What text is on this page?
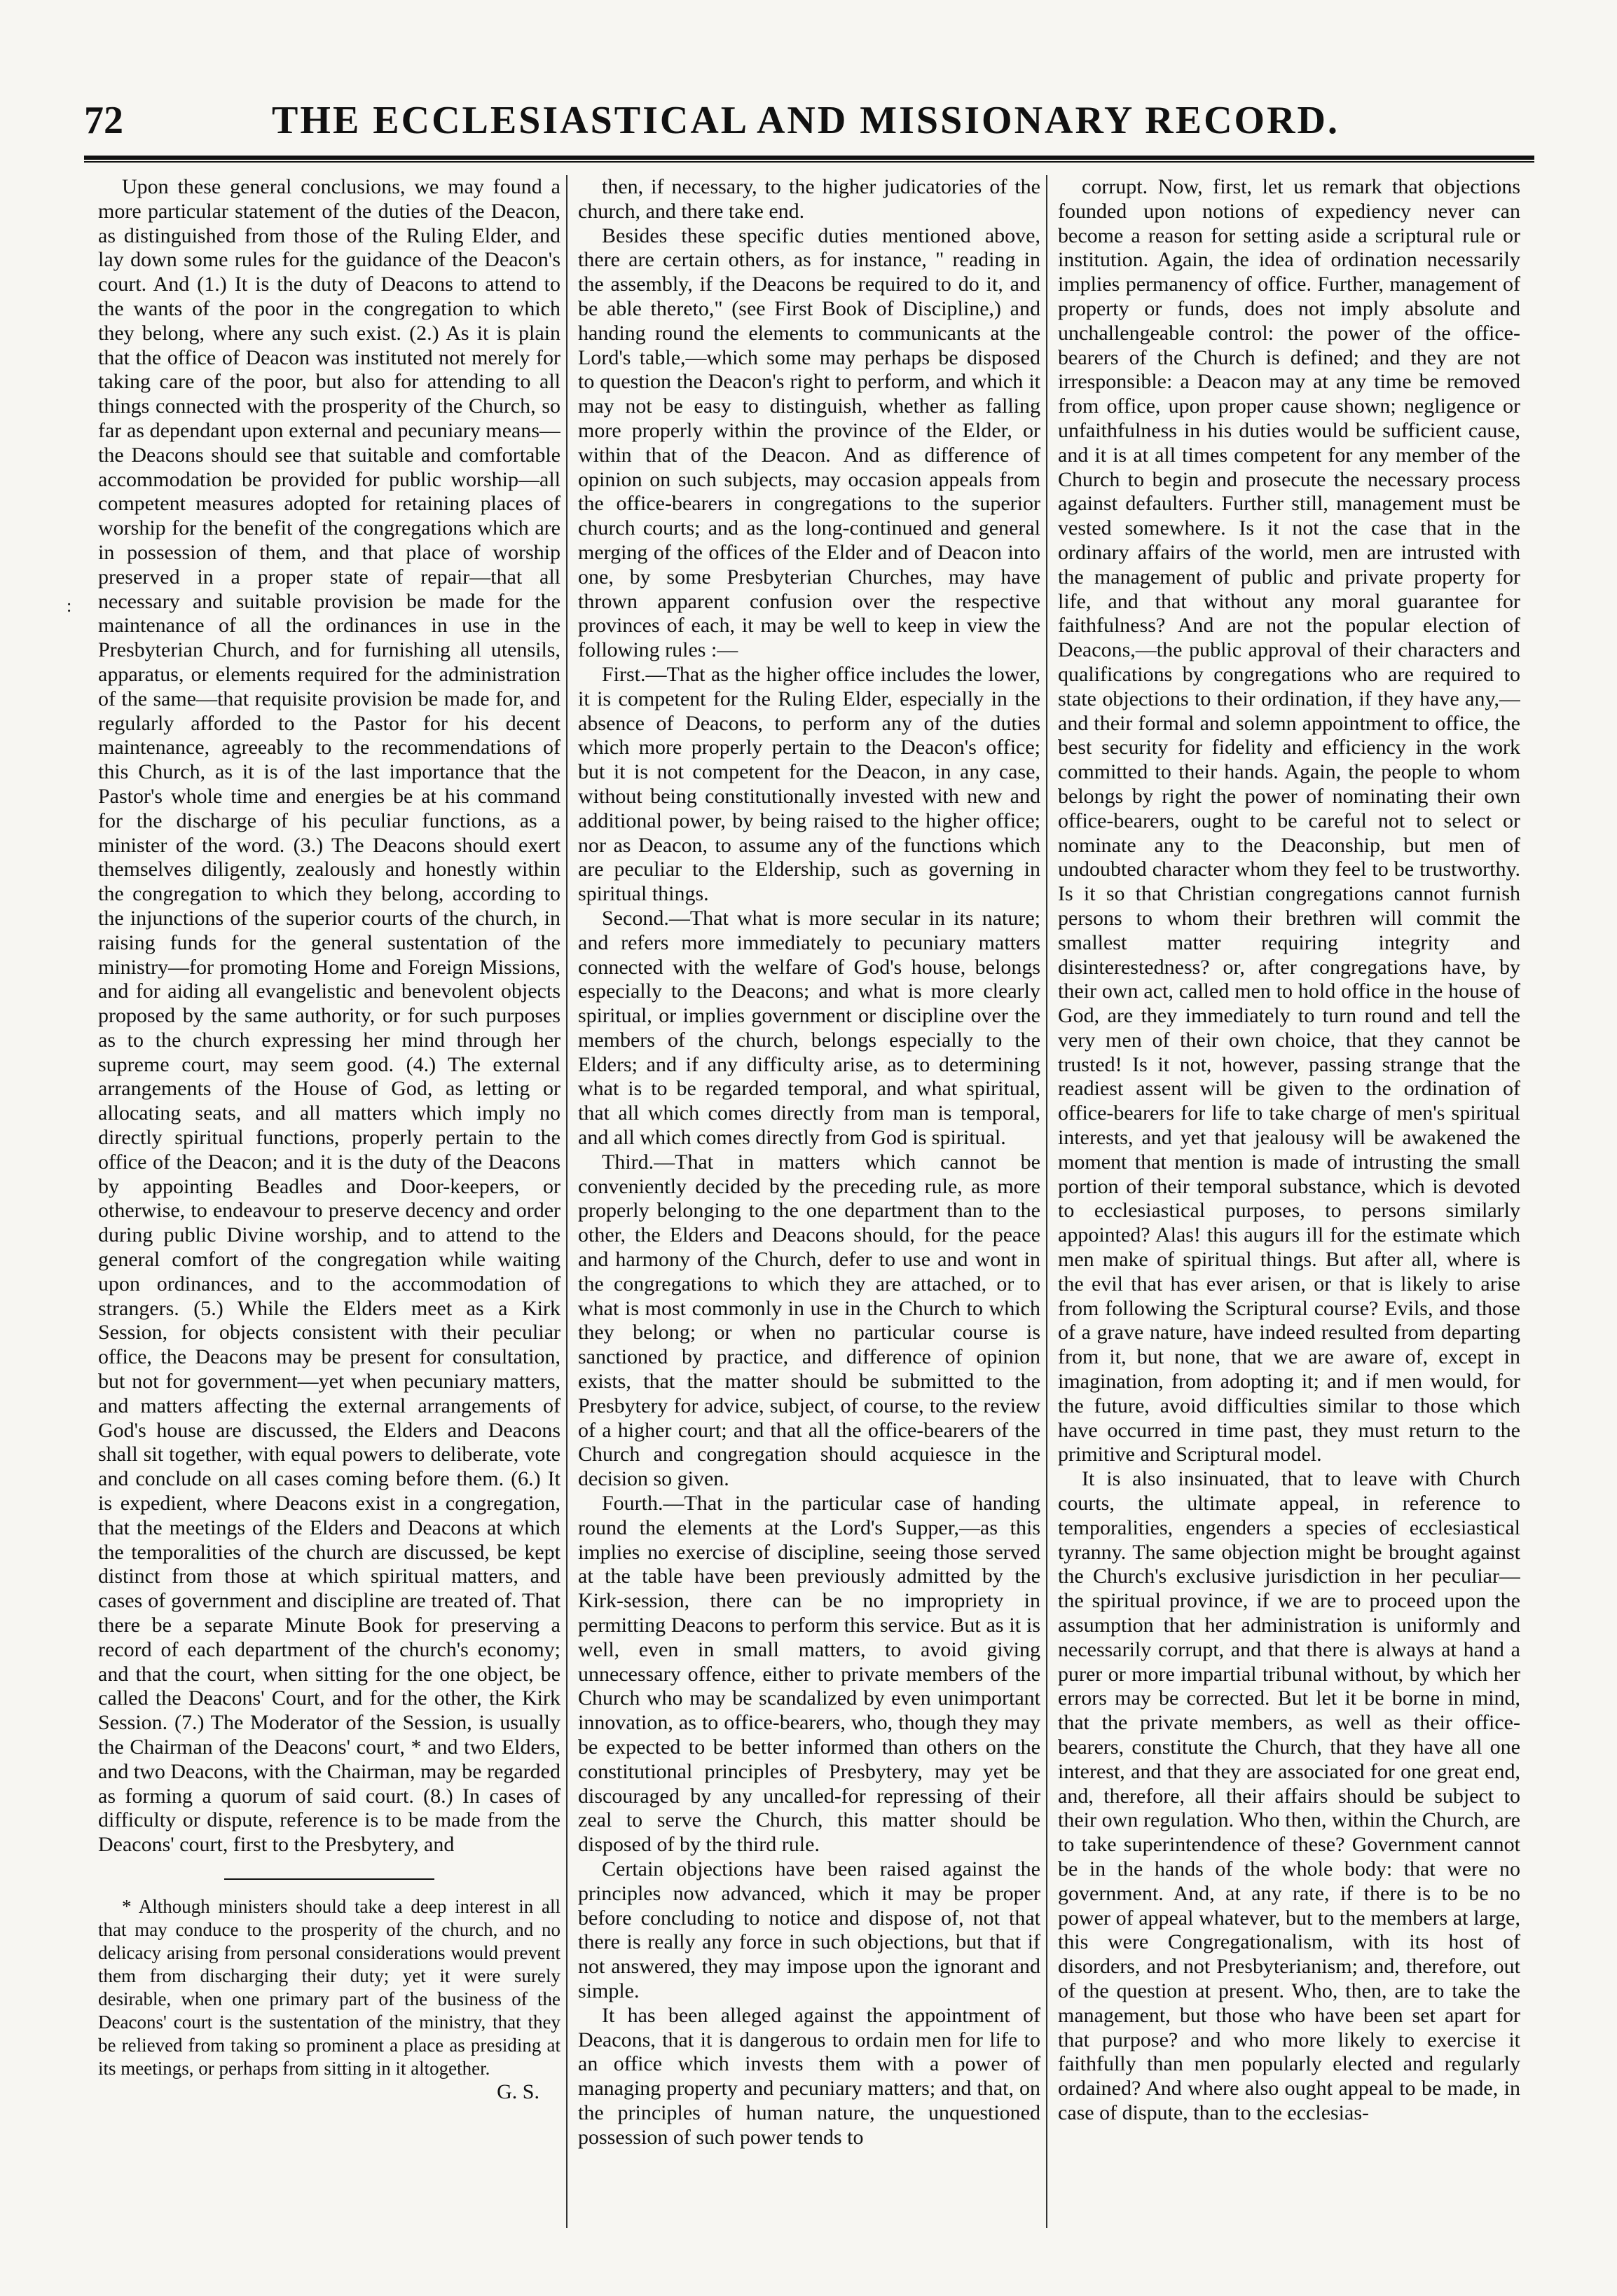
72	THE ECCLESIASTICAL AND MISSIONARY RECORD.
:

Upon these general conclusions, we may found a more particular statement of the duties of the Deacon, as distinguished from those of the Ruling Elder, and lay down some rules for the guidance of the Deacon's court. And (1.) It is the duty of Deacons to attend to the wants of the poor in the congregation to which they belong, where any such exist. (2.) As it is plain that the office of Deacon was instituted not merely for taking care of the poor, but also for attending to all things connected with the prosperity of the Church, so far as dependant upon external and pecuniary means—the Deacons should see that suitable and comfortable accommodation be provided for public worship—all competent measures adopted for retaining places of worship for the benefit of the congregations which are in possession of them, and that place of worship preserved in a proper state of repair—that all necessary and suitable provision be made for the maintenance of all the ordinances in use in the Presbyterian Church, and for furnishing all utensils, apparatus, or elements required for the administration of the same—that requisite provision be made for, and regularly afforded to the Pastor for his decent maintenance, agreeably to the recommendations of this Church, as it is of the last importance that the Pastor's whole time and energies be at his command for the discharge of his peculiar functions, as a minister of the word. (3.) The Deacons should exert themselves diligently, zealously and honestly within the congregation to which they belong, according to the injunctions of the superior courts of the church, in raising funds for the general sustentation of the ministry—for promoting Home and Foreign Missions, and for aiding all evangelistic and benevolent objects proposed by the same authority, or for such purposes as to the church expressing her mind through her supreme court, may seem good. (4.) The external arrangements of the House of God, as letting or allocating seats, and all matters which imply no directly spiritual functions, properly pertain to the office of the Deacon; and it is the duty of the Deacons by appointing Beadles and Door-keepers, or otherwise, to endeavour to preserve decency and order during public Divine worship, and to attend to the general comfort of the congregation while waiting upon ordinances, and to the accommodation of strangers. (5.) While the Elders meet as a Kirk Session, for objects consistent with their peculiar office, the Deacons may be present for consultation, but not for government—yet when pecuniary matters, and matters affecting the external arrangements of God's house are discussed, the Elders and Deacons shall sit together, with equal powers to deliberate, vote and conclude on all cases coming before them. (6.) It is expedient, where Deacons exist in a congregation, that the meetings of the Elders and Deacons at which the temporalities of the church are discussed, be kept distinct from those at which spiritual matters, and cases of government and discipline are treated of. That there be a separate Minute Book for preserving a record of each department of the church's economy; and that the court, when sitting for the one object, be called the Deacons' Court, and for the other, the Kirk Session. (7.) The Moderator of the Session, is usually the Chairman of the Deacons' court, * and two Elders, and two Deacons, with the Chairman, may be regarded as forming a quorum of said court. (8.) In cases of difficulty or dispute, reference is to be made from the Deacons' court, first to the Presbytery, and

* Although ministers should take a deep interest in all that may conduce to the prosperity of the church, and no delicacy arising from personal considerations would prevent them from discharging their duty; yet it were surely desirable, when one primary part of the business of the Deacons' court is the sustentation of the ministry, that they be relieved from taking so prominent a place as presiding at its meetings, or perhaps from sitting in it altogether.

G. S.

then, if necessary, to the higher judicatories of the church, and there take end.

Besides these specific duties mentioned above, there are certain others, as for instance, " reading in the assembly, if the Deacons be required to do it, and be able thereto," (see First Book of Discipline,) and handing round the elements to communicants at the Lord's table,—which some may perhaps be disposed to question the Deacon's right to perform, and which it may not be easy to distinguish, whether as falling more properly within the province of the Elder, or within that of the Deacon. And as difference of opinion on such subjects, may occasion appeals from the office-bearers in congregations to the superior church courts; and as the long-continued and general merging of the offices of the Elder and of Deacon into one, by some Presbyterian Churches, may have thrown apparent confusion over the respective provinces of each, it may be well to keep in view the following rules :—

First.—That as the higher office includes the lower, it is competent for the Ruling Elder, especially in the absence of Deacons, to perform any of the duties which more properly pertain to the Deacon's office; but it is not competent for the Deacon, in any case, without being constitutionally invested with new and additional power, by being raised to the higher office; nor as Deacon, to assume any of the functions which are peculiar to the Eldership, such as governing in spiritual things.

Second.—That what is more secular in its nature; and refers more immediately to pecuniary matters connected with the welfare of God's house, belongs especially to the Deacons; and what is more clearly spiritual, or implies government or discipline over the members of the church, belongs especially to the Elders; and if any difficulty arise, as to determining what is to be regarded temporal, and what spiritual, that all which comes directly from man is temporal, and all which comes directly from God is spiritual.

Third.—That in matters which cannot be conveniently decided by the preceding rule, as more properly belonging to the one department than to the other, the Elders and Deacons should, for the peace and harmony of the Church, defer to use and wont in the congregations to which they are attached, or to what is most commonly in use in the Church to which they belong; or when no particular course is sanctioned by practice, and difference of opinion exists, that the matter should be submitted to the Presbytery for advice, subject, of course, to the review of a higher court; and that all the office-bearers of the Church and congregation should acquiesce in the decision so given.

Fourth.—That in the particular case of handing round the elements at the Lord's Supper,—as this implies no exercise of discipline, seeing those served at the table have been previously admitted by the Kirk-session, there can be no impropriety in permitting Deacons to perform this service. But as it is well, even in small matters, to avoid giving unnecessary offence, either to private members of the Church who may be scandalized by even unimportant innovation, as to office-bearers, who, though they may be expected to be better informed than others on the constitutional principles of Presbytery, may yet be discouraged by any uncalled-for repressing of their zeal to serve the Church, this matter should be disposed of by the third rule.

Certain objections have been raised against the principles now advanced, which it may be proper before concluding to notice and dispose of, not that there is really any force in such objections, but that if not answered, they may impose upon the ignorant and simple.

It has been alleged against the appointment of Deacons, that it is dangerous to ordain men for life to an office which invests them with a power of managing property and pecuniary matters; and that, on the principles of human nature, the unquestioned possession of such power tends to

corrupt. Now, first, let us remark that objections founded upon notions of expediency never can become a reason for setting aside a scriptural rule or institution. Again, the idea of ordination necessarily implies permanency of office. Further, management of property or funds, does not imply absolute and unchallengeable control: the power of the office-bearers of the Church is defined; and they are not irresponsible: a Deacon may at any time be removed from office, upon proper cause shown; negligence or unfaithfulness in his duties would be sufficient cause, and it is at all times competent for any member of the Church to begin and prosecute the necessary process against defaulters. Further still, management must be vested somewhere. Is it not the case that in the ordinary affairs of the world, men are intrusted with the management of public and private property for life, and that without any moral guarantee for faithfulness? And are not the popular election of Deacons,—the public approval of their characters and qualifications by congregations who are required to state objections to their ordination, if they have any,—and their formal and solemn appointment to office, the best security for fidelity and efficiency in the work committed to their hands. Again, the people to whom belongs by right the power of nominating their own office-bearers, ought to be careful not to select or nominate any to the Deaconship, but men of undoubted character whom they feel to be trustworthy. Is it so that Christian congregations cannot furnish persons to whom their brethren will commit the smallest matter requiring integrity and disinterestedness? or, after congregations have, by their own act, called men to hold office in the house of God, are they immediately to turn round and tell the very men of their own choice, that they cannot be trusted! Is it not, however, passing strange that the readiest assent will be given to the ordination of office-bearers for life to take charge of men's spiritual interests, and yet that jealousy will be awakened the moment that mention is made of intrusting the small portion of their temporal substance, which is devoted to ecclesiastical purposes, to persons similarly appointed? Alas! this augurs ill for the estimate which men make of spiritual things. But after all, where is the evil that has ever arisen, or that is likely to arise from following the Scriptural course? Evils, and those of a grave nature, have indeed resulted from departing from it, but none, that we are aware of, except in imagination, from adopting it; and if men would, for the future, avoid difficulties similar to those which have occurred in time past, they must return to the primitive and Scriptural model.

It is also insinuated, that to leave with Church courts, the ultimate appeal, in reference to temporalities, engenders a species of ecclesiastical tyranny. The same objection might be brought against the Church's exclusive jurisdiction in her peculiar—the spiritual province, if we are to proceed upon the assumption that her administration is uniformly and necessarily corrupt, and that there is always at hand a purer or more impartial tribunal without, by which her errors may be corrected. But let it be borne in mind, that the private members, as well as their office-bearers, constitute the Church, that they have all one interest, and that they are associated for one great end, and, therefore, all their affairs should be subject to their own regulation. Who then, within the Church, are to take superintendence of these? Government cannot be in the hands of the whole body: that were no government. And, at any rate, if there is to be no power of appeal whatever, but to the members at large, this were Congregationalism, with its host of disorders, and not Presbyterianism; and, therefore, out of the question at present. Who, then, are to take the management, but those who have been set apart for that purpose? and who more likely to exercise it faithfully than men popularly elected and regularly ordained? And where also ought appeal to be made, in case of dispute, than to the ecclesias-
